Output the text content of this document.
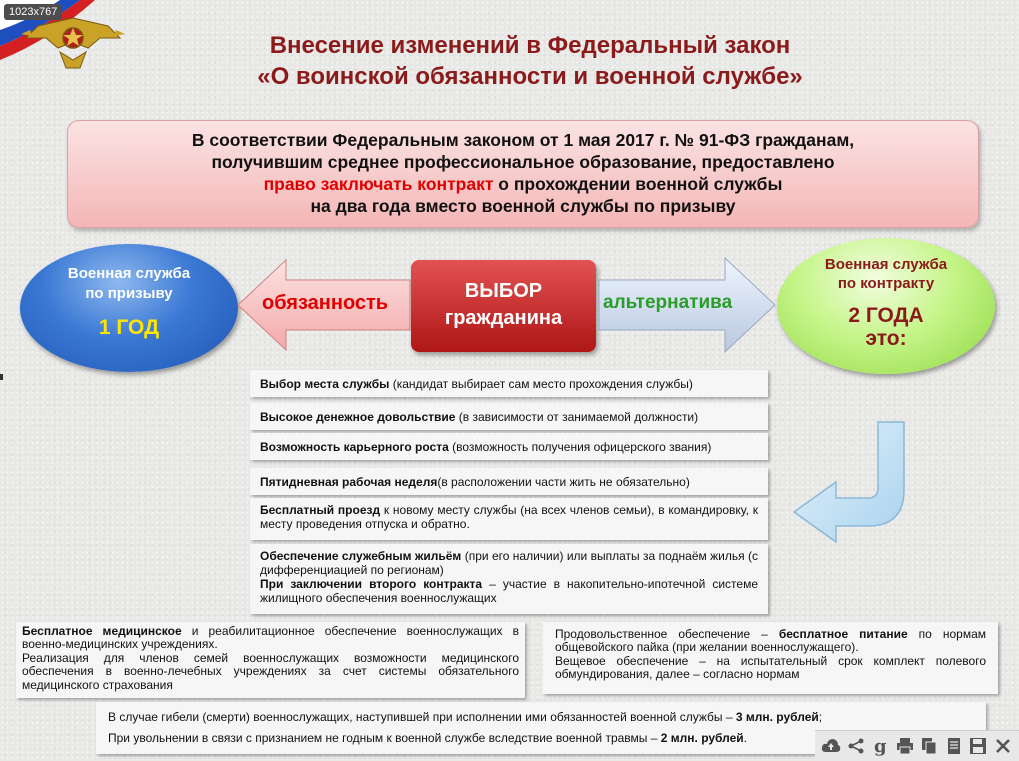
1023x767
Внесение изменений в Федеральный закон
«О воинской обязанности и военной службе»
В соответствии Федеральным законом от 1 мая 2017 г. № 91-ФЗ гражданам,
получившим среднее профессиональное образование, предоставлено
право заключать контракт о прохождении военной службы
на два года вместо военной службы по призыву
Военная служба
по призыву
1 ГОД
обязанность
ВЫБОР
гражданина
альтернатива
Военная служба
по контракту
2 ГОДА
это:
Выбор места службы (кандидат выбирает сам место прохождения службы)
Высокое денежное довольствие (в зависимости от занимаемой должности)
Возможность карьерного роста (возможность получения офицерского звания)
Пятидневная рабочая неделя(в расположении части жить не обязательно)
Бесплатный проезд к новому месту службы (на всех членов семьи), в командировку, к месту проведения отпуска и обратно.
Обеспечение служебным жильём (при его наличии) или выплаты за поднаём жилья (с дифференциацией по регионам)
При заключении второго контракта – участие в накопительно-ипотечной системе жилищного обеспечения военнослужащих
Бесплатное медицинское и реабилитационное обеспечение военнослужащих в военно-медицинских учреждениях.
Реализация для членов семей военнослужащих возможности медицинского обеспечения в военно-лечебных учреждениях за счет системы обязательного медицинского страхования
Продовольственное обеспечение – бесплатное питание по нормам общевойского пайка (при желании военнослужащего).
Вещевое обеспечение – на испытательный срок комплект полевого обмундирования, далее – согласно нормам
В случае гибели (смерти) военнослужащих, наступившей при исполнении ими обязанностей военной службы – 3 млн. рублей;
При увольнении в связи с признанием не годным к военной службе вследствие военной травмы – 2 млн. рублей.	g
